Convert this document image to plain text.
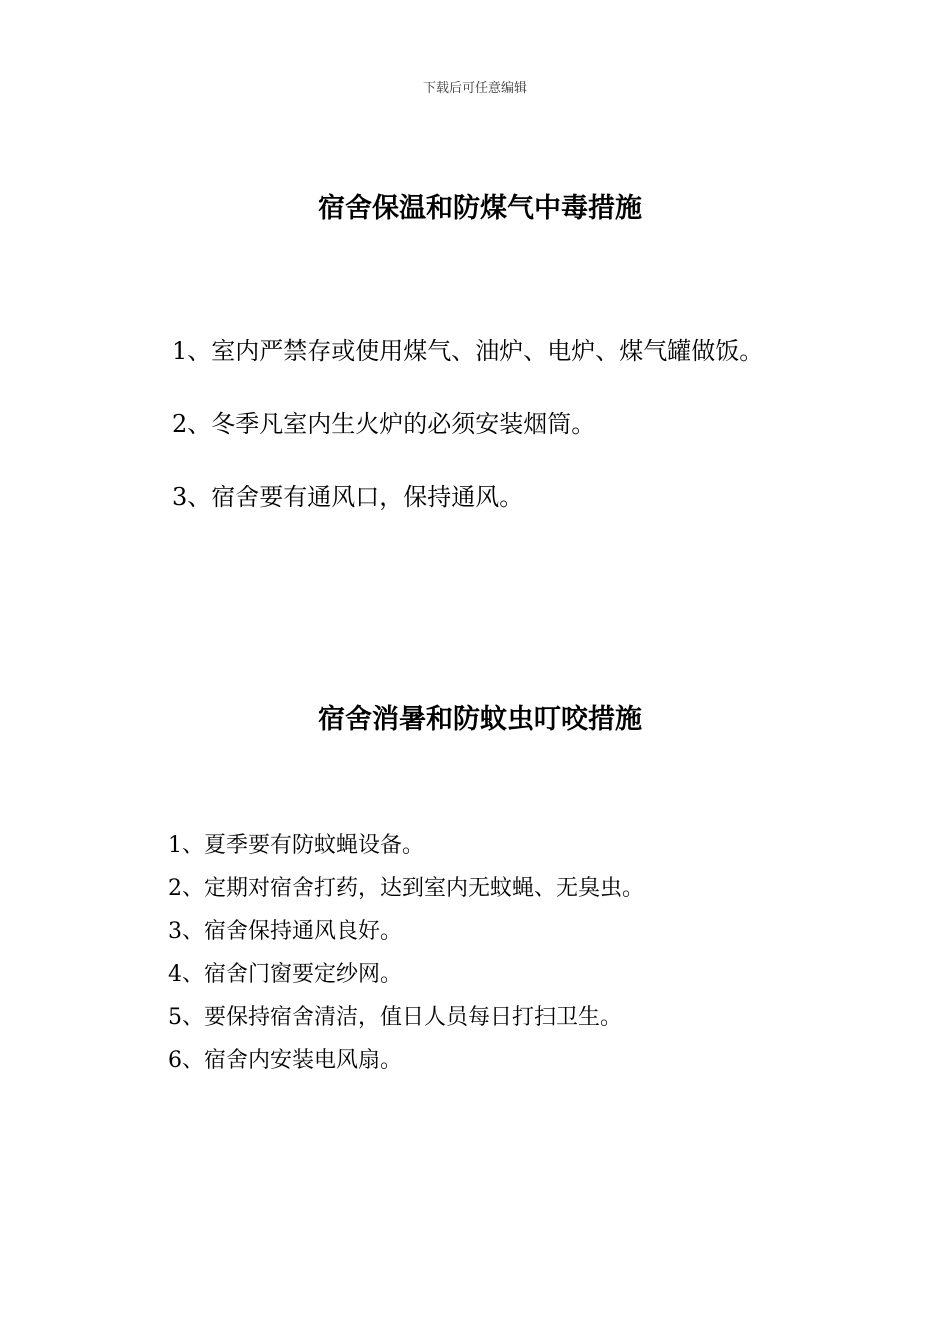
下载后可任意编辑
宿舍保温和防煤气中毒措施
1、室内严禁存或使用煤气、油炉、电炉、煤气罐做饭。
2、冬季凡室内生火炉的必须安装烟筒。
3、宿舍要有通风口，保持通风。
宿舍消暑和防蚊虫叮咬措施
1、夏季要有防蚊蝇设备。
2、定期对宿舍打药，达到室内无蚊蝇、无臭虫。
3、宿舍保持通风良好。
4、宿舍门窗要定纱网。
5、要保持宿舍清洁，值日人员每日打扫卫生。
6、宿舍内安装电风扇。
